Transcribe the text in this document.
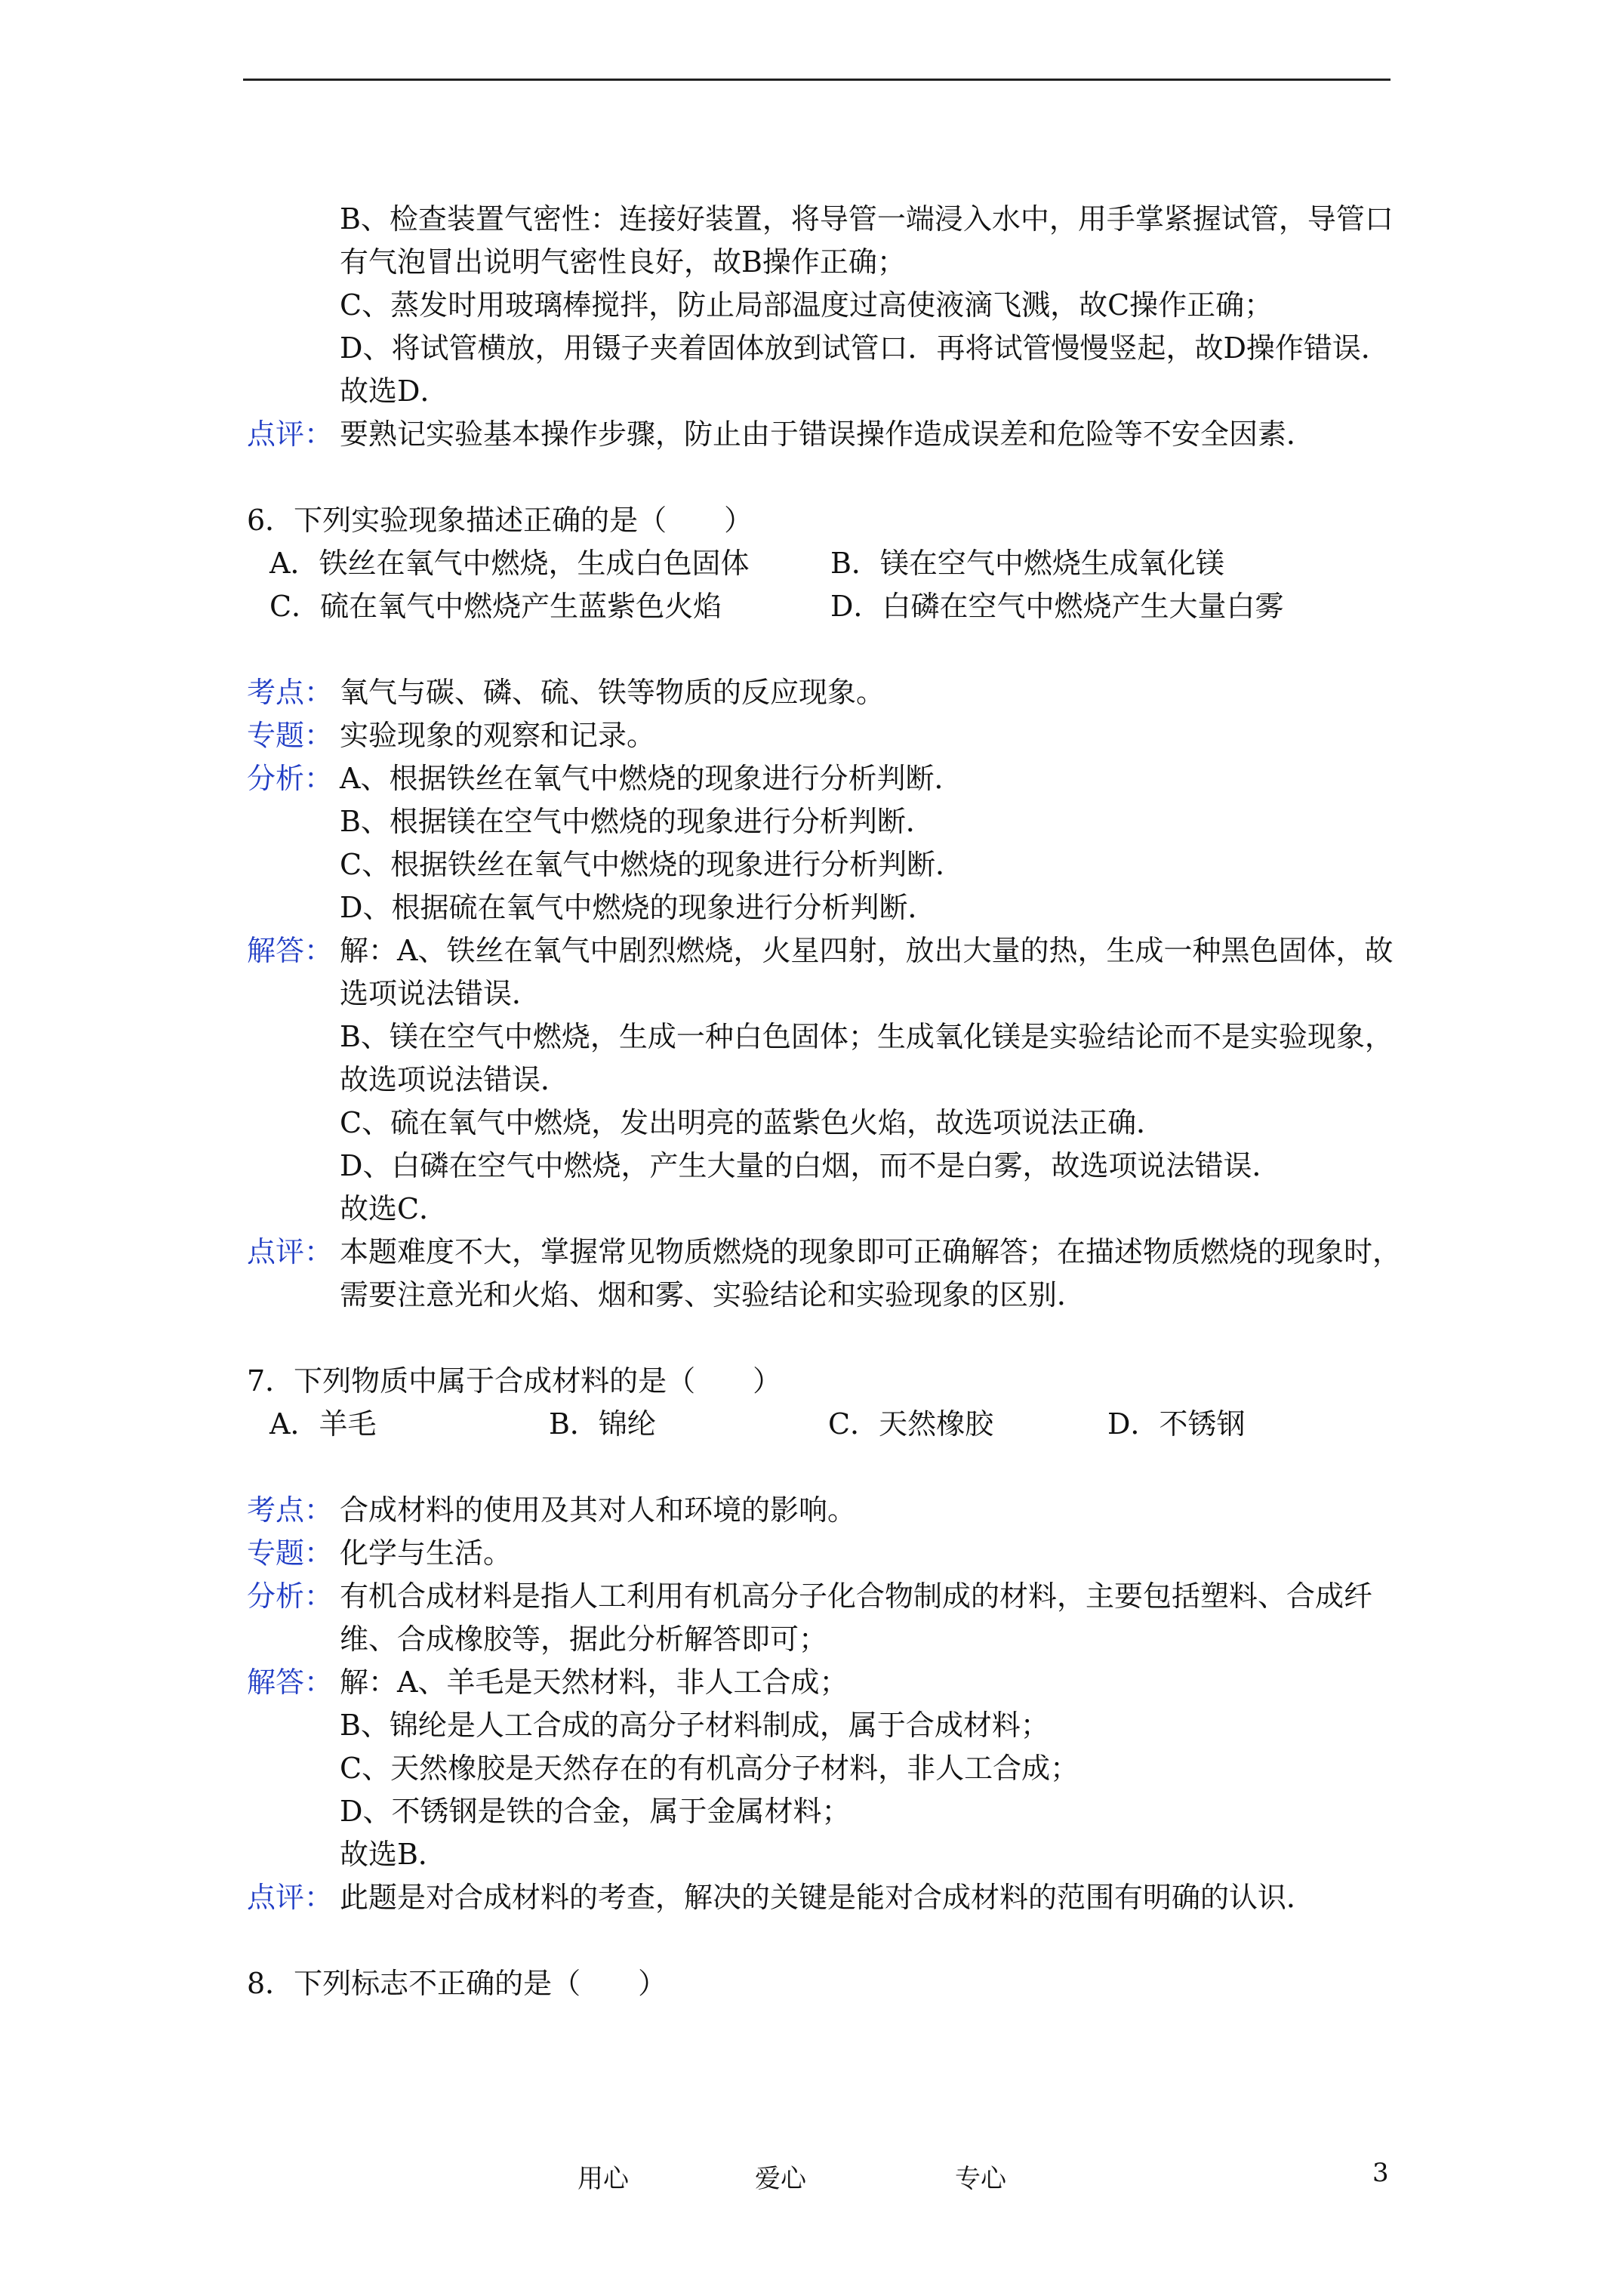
B、检查装置气密性：连接好装置，将导管一端浸入水中，用手掌紧握试管，导管口
有气泡冒出说明气密性良好，故B操作正确；
C、蒸发时用玻璃棒搅拌，防止局部温度过高使液滴飞溅，故C操作正确；
D、将试管横放，用镊子夹着固体放到试管口．再将试管慢慢竖起，故D操作错误．
故选D．
点评： 要熟记实验基本操作步骤，防止由于错误操作造成误差和危险等不安全因素．
6．下列实验现象描述正确的是（　　）
A．铁丝在氧气中燃烧，生成白色固体	B．镁在空气中燃烧生成氧化镁
C．硫在氧气中燃烧产生蓝紫色火焰	D．白磷在空气中燃烧产生大量白雾
考点： 氧气与碳、磷、硫、铁等物质的反应现象。
专题： 实验现象的观察和记录。
分析： A、根据铁丝在氧气中燃烧的现象进行分析判断．
B、根据镁在空气中燃烧的现象进行分析判断．
C、根据铁丝在氧气中燃烧的现象进行分析判断．
D、根据硫在氧气中燃烧的现象进行分析判断．
解答： 解：A、铁丝在氧气中剧烈燃烧，火星四射，放出大量的热，生成一种黑色固体，故
选项说法错误．
B、镁在空气中燃烧，生成一种白色固体；生成氧化镁是实验结论而不是实验现象，
故选项说法错误．
C、硫在氧气中燃烧，发出明亮的蓝紫色火焰，故选项说法正确．
D、白磷在空气中燃烧，产生大量的白烟，而不是白雾，故选项说法错误．
故选C．
点评： 本题难度不大，掌握常见物质燃烧的现象即可正确解答；在描述物质燃烧的现象时，
需要注意光和火焰、烟和雾、实验结论和实验现象的区别．
7．下列物质中属于合成材料的是（　　）
A．羊毛	B．锦纶	C．天然橡胶	D．不锈钢
考点： 合成材料的使用及其对人和环境的影响。
专题： 化学与生活。
分析： 有机合成材料是指人工利用有机高分子化合物制成的材料，主要包括塑料、合成纤
维、合成橡胶等，据此分析解答即可；
解答： 解：A、羊毛是天然材料，非人工合成；
B、锦纶是人工合成的高分子材料制成，属于合成材料；
C、天然橡胶是天然存在的有机高分子材料，非人工合成；
D、不锈钢是铁的合金，属于金属材料；
故选B．
点评： 此题是对合成材料的考查，解决的关键是能对合成材料的范围有明确的认识．
8．下列标志不正确的是（　　）
用心	爱心	专心	3
